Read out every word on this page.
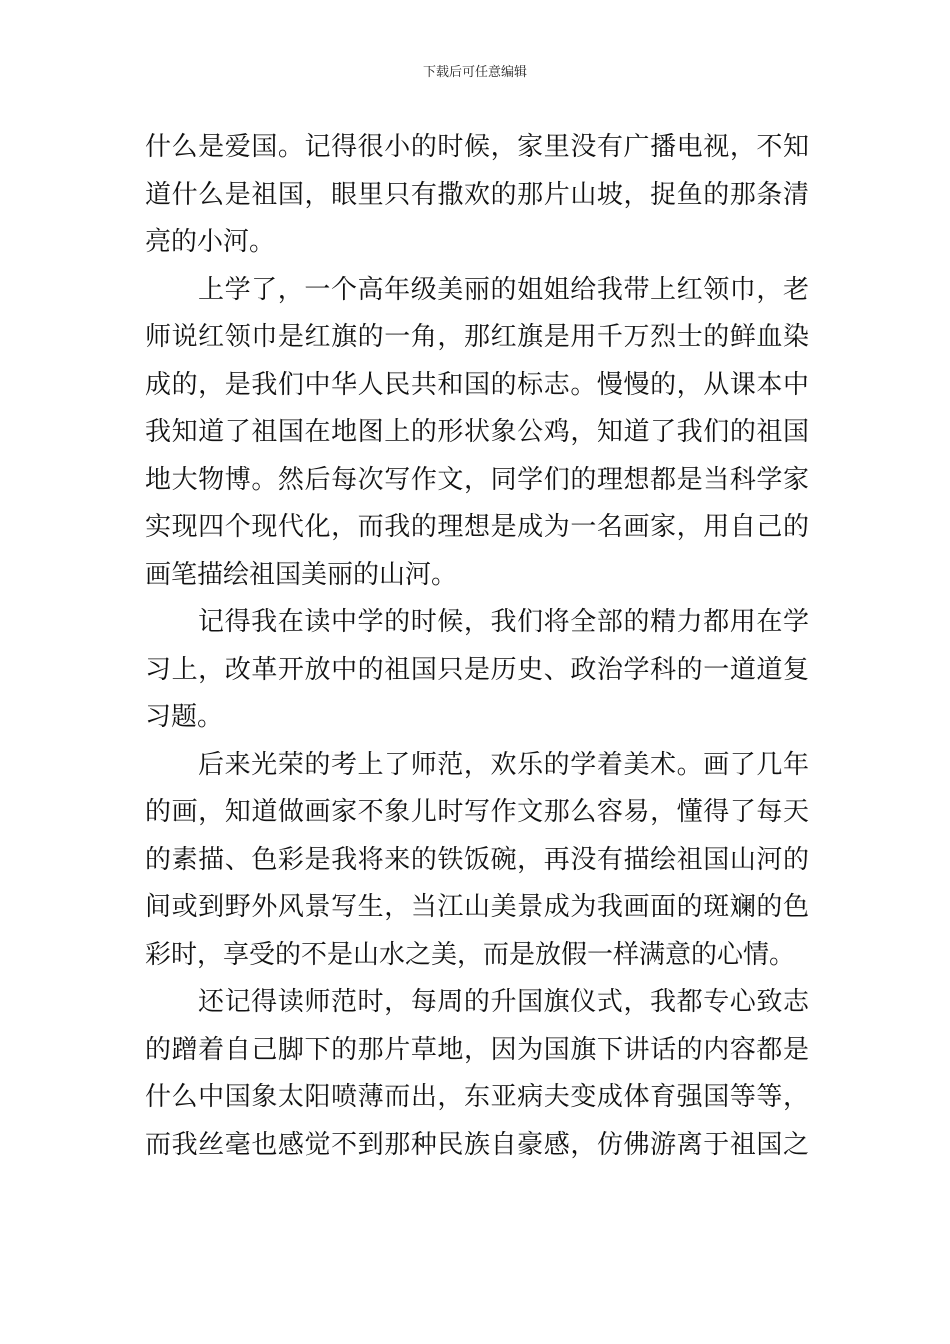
下载后可任意编辑
什么是爱国。记得很小的时候，家里没有广播电视，不知
道什么是祖国，眼里只有撒欢的那片山坡，捉鱼的那条清
亮的小河。
上学了，一个高年级美丽的姐姐给我带上红领巾，老
师说红领巾是红旗的一角，那红旗是用千万烈士的鲜血染
成的，是我们中华人民共和国的标志。慢慢的，从课本中
我知道了祖国在地图上的形状象公鸡，知道了我们的祖国
地大物博。然后每次写作文，同学们的理想都是当科学家
实现四个现代化，而我的理想是成为一名画家，用自己的
画笔描绘祖国美丽的山河。
记得我在读中学的时候，我们将全部的精力都用在学
习上，改革开放中的祖国只是历史、政治学科的一道道复
习题。
后来光荣的考上了师范，欢乐的学着美术。画了几年
的画，知道做画家不象儿时写作文那么容易，懂得了每天
的素描、色彩是我将来的铁饭碗，再没有描绘祖国山河的
间或到野外风景写生，当江山美景成为我画面的斑斓的色
彩时，享受的不是山水之美，而是放假一样满意的心情。
还记得读师范时，每周的升国旗仪式，我都专心致志
的蹭着自己脚下的那片草地，因为国旗下讲话的内容都是
什么中国象太阳喷薄而出，东亚病夫变成体育强国等等，
而我丝毫也感觉不到那种民族自豪感，仿佛游离于祖国之
